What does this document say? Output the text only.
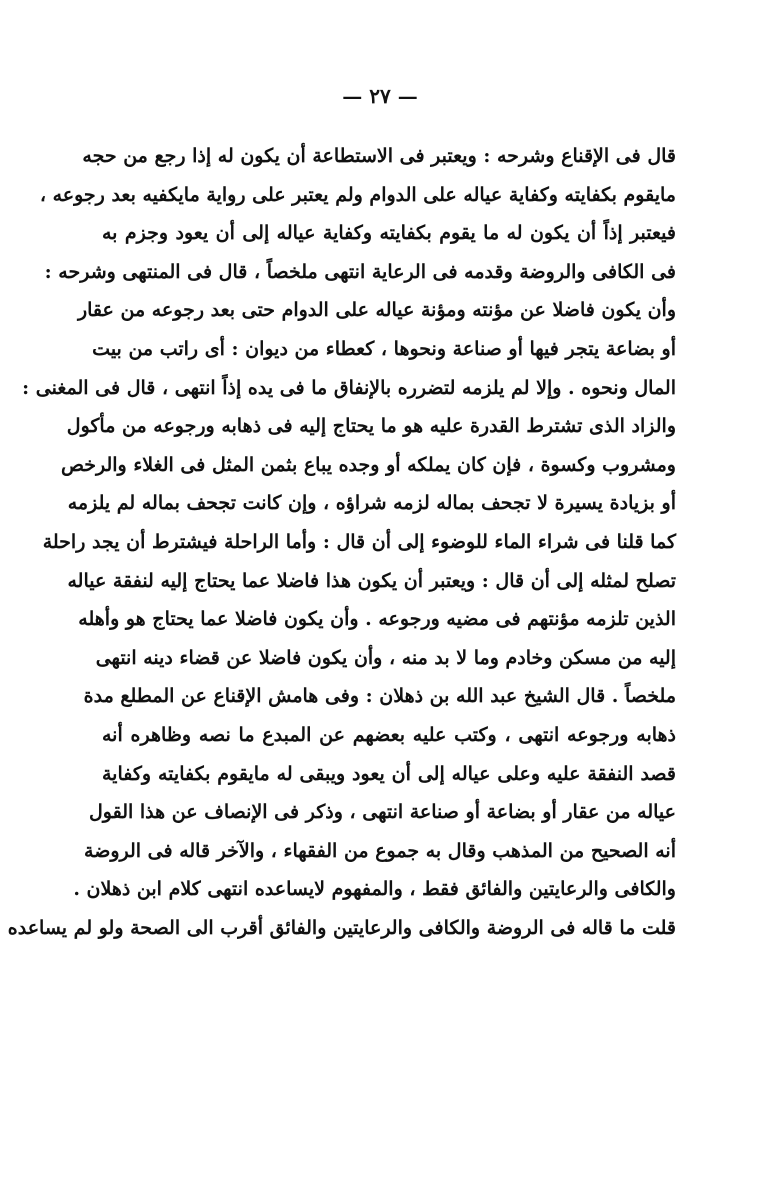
— ٢٧ —
قال فى الإقناع وشرحه : ويعتبر فى الاستطاعة أن يكون له إذا رجع من حجه
مايقوم بكفايته وكفاية عياله على الدوام ولم يعتبر على رواية مايكفيه بعد رجوعه ،
فيعتبر إذاً أن يكون له ما يقوم بكفايته وكفاية عياله إلى أن يعود وجزم به
فى الكافى والروضة وقدمه فى الرعاية انتهى ملخصاً ، قال فى المنتهى وشرحه :
وأن يكون فاضلا عن مؤنته ومؤنة عياله على الدوام حتى بعد رجوعه من عقار
أو بضاعة يتجر فيها أو صناعة ونحوها ، كعطاء من ديوان : أى راتب من بيت
المال ونحوه . وإلا لم يلزمه لتضرره بالإنفاق ما فى يده إذاً انتهى ، قال فى المغنى :
والزاد الذى تشترط القدرة عليه هو ما يحتاج إليه فى ذهابه ورجوعه من مأكول
ومشروب وكسوة ، فإن كان يملكه أو وجده يباع بثمن المثل فى الغلاء والرخص
أو بزيادة يسيرة لا تجحف بماله لزمه شراؤه ، وإن كانت تجحف بماله لم يلزمه
كما قلنا فى شراء الماء للوضوء إلى أن قال : وأما الراحلة فيشترط أن يجد راحلة
تصلح لمثله إلى أن قال : ويعتبر أن يكون هذا فاضلا عما يحتاج إليه لنفقة عياله
الذين تلزمه مؤنتهم فى مضيه ورجوعه . وأن يكون فاضلا عما يحتاج هو وأهله
إليه من مسكن وخادم وما لا بد منه ، وأن يكون فاضلا عن قضاء دينه انتهى
ملخصاً . قال الشيخ عبد الله بن ذهلان : وفى هامش الإقناع عن المطلع مدة
ذهابه ورجوعه انتهى ، وكتب عليه بعضهم عن المبدع ما نصه وظاهره أنه
قصد النفقة عليه وعلى عياله إلى أن يعود ويبقى له مايقوم بكفايته وكفاية
عياله من عقار أو بضاعة أو صناعة انتهى ، وذكر فى الإنصاف عن هذا القول
أنه الصحيح من المذهب وقال به جموع من الفقهاء ، والآخر قاله فى الروضة
والكافى والرعايتين والفائق فقط ، والمفهوم لايساعده انتهى كلام ابن ذهلان .
قلت ما قاله فى الروضة والكافى والرعايتين والفائق أقرب الى الصحة ولو لم يساعده
